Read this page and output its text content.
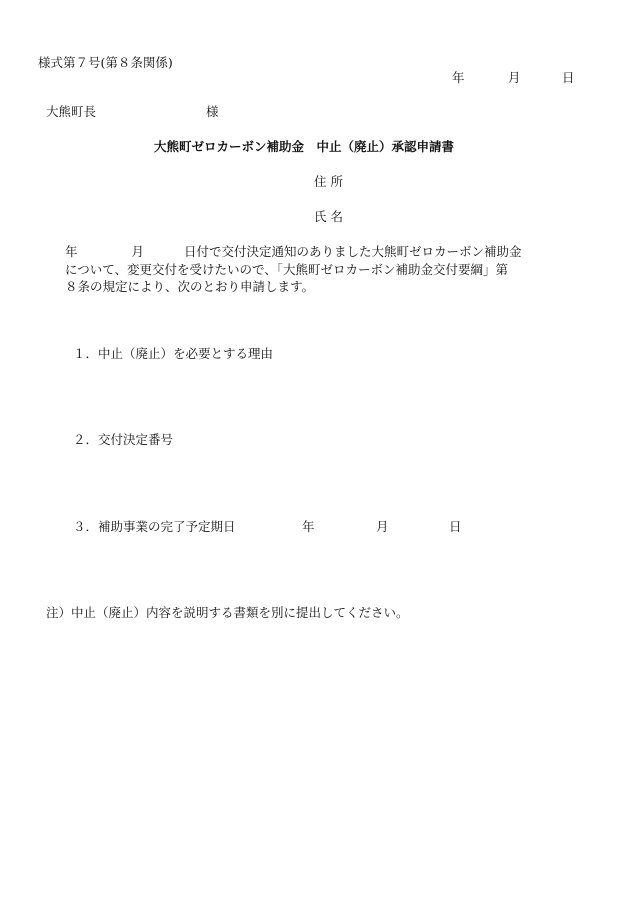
様式第７号(第８条関係)
年	月	日
大熊町長	様
大熊町ゼロカーボン補助金　中止（廃止）承認申請書
住 所
氏 名
年	月	日付で交付決定通知のありました大熊町ゼロカーボン補助金
について、変更交付を受けたいので、「大熊町ゼロカーボン補助金交付要綱」第
８条の規定により、次のとおり申請します。
１．中止（廃止）を必要とする理由
２．交付決定番号
３．補助事業の完了予定期日	年	月	日
注）中止（廃止）内容を説明する書類を別に提出してください。
